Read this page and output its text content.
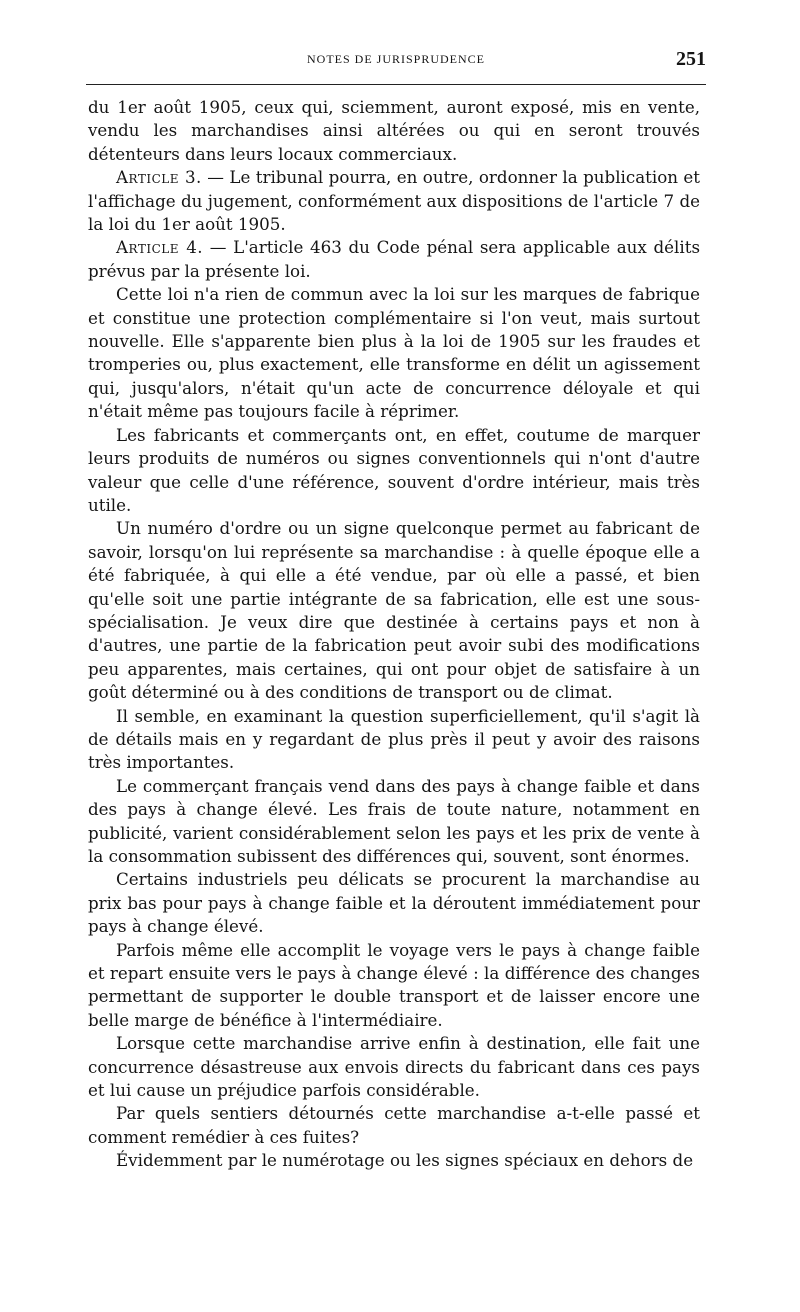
NOTES DE JURISPRUDENCE	251

du 1er août 1905, ceux qui, sciemment, auront exposé, mis en vente, vendu les marchandises ainsi altérées ou qui en seront trouvés détenteurs dans leurs locaux commerciaux.

Article 3. — Le tribunal pourra, en outre, ordonner la publication et l'affichage du jugement, conformément aux dispositions de l'article 7 de la loi du 1er août 1905.

Article 4. — L'article 463 du Code pénal sera applicable aux délits prévus par la présente loi.

Cette loi n'a rien de commun avec la loi sur les marques de fabrique et constitue une protection complémentaire si l'on veut, mais surtout nouvelle. Elle s'apparente bien plus à la loi de 1905 sur les fraudes et tromperies ou, plus exactement, elle transforme en délit un agissement qui, jusqu'alors, n'était qu'un acte de concurrence déloyale et qui n'était même pas toujours facile à réprimer.

Les fabricants et commerçants ont, en effet, coutume de marquer leurs produits de numéros ou signes conventionnels qui n'ont d'autre valeur que celle d'une référence, souvent d'ordre intérieur, mais très utile.

Un numéro d'ordre ou un signe quelconque permet au fabricant de savoir, lorsqu'on lui représente sa marchandise : à quelle époque elle a été fabriquée, à qui elle a été vendue, par où elle a passé, et bien qu'elle soit une partie intégrante de sa fabrication, elle est une sous-spécialisation. Je veux dire que destinée à certains pays et non à d'autres, une partie de la fabrication peut avoir subi des modifications peu apparentes, mais certaines, qui ont pour objet de satisfaire à un goût déterminé ou à des conditions de transport ou de climat.

Il semble, en examinant la question superficiellement, qu'il s'agit là de détails mais en y regardant de plus près il peut y avoir des raisons très importantes.

Le commerçant français vend dans des pays à change faible et dans des pays à change élevé. Les frais de toute nature, notamment en publicité, varient considérablement selon les pays et les prix de vente à la consommation subissent des différences qui, souvent, sont énormes.

Certains industriels peu délicats se procurent la marchandise au prix bas pour pays à change faible et la déroutent immédiatement pour pays à change élevé.

Parfois même elle accomplit le voyage vers le pays à change faible et repart ensuite vers le pays à change élevé : la différence des changes permettant de supporter le double transport et de laisser encore une belle marge de bénéfice à l'intermédiaire.

Lorsque cette marchandise arrive enfin à destination, elle fait une concurrence désastreuse aux envois directs du fabricant dans ces pays et lui cause un préjudice parfois considérable.

Par quels sentiers détournés cette marchandise a-t-elle passé et comment remédier à ces fuites?

Évidemment par le numérotage ou les signes spéciaux en dehors de
